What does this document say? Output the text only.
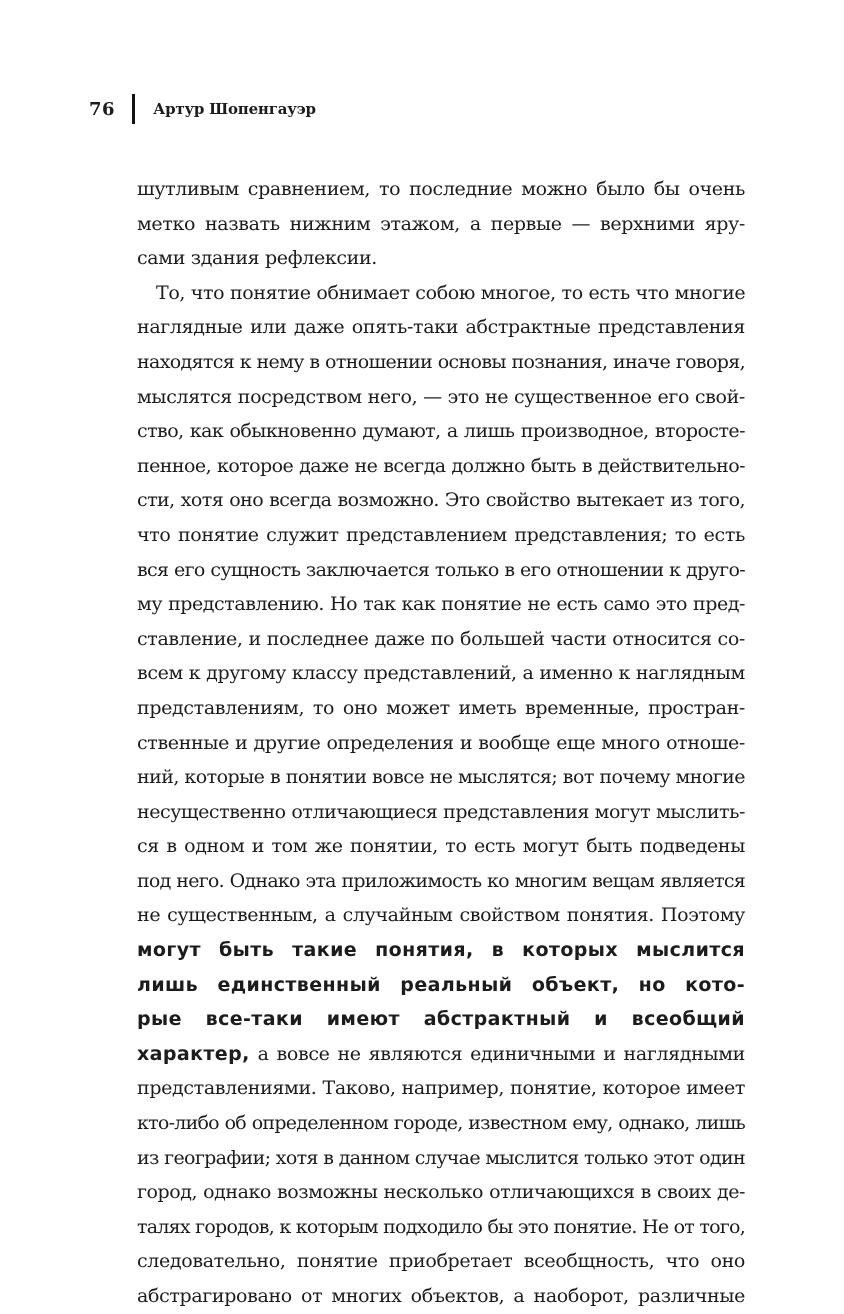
76	Артур Шопенгауэр
шутливым сравнением, то последние можно было бы очень
метко назвать нижним этажом, а первые — верхними яру-
сами здания рефлексии.
То, что понятие обнимает собою многое, то есть что многие
наглядные или даже опять-таки абстрактные представления
находятся к нему в отношении основы познания, иначе говоря,
мыслятся посредством него, — это не существенное его свой-
ство, как обыкновенно думают, а лишь производное, второсте-
пенное, которое даже не всегда должно быть в действительно-
сти, хотя оно всегда возможно. Это свойство вытекает из того,
что понятие служит представлением представления; то есть
вся его сущность заключается только в его отношении к друго-
му представлению. Но так как понятие не есть само это пред-
ставление, и последнее даже по большей части относится со-
всем к другому классу представлений, а именно к наглядным
представлениям, то оно может иметь временные, простран-
ственные и другие определения и вообще еще много отноше-
ний, которые в понятии вовсе не мыслятся; вот почему многие
несущественно отличающиеся представления могут мыслить-
ся в одном и том же понятии, то есть могут быть подведены
под него. Однако эта приложимость ко многим вещам является
не существенным, а случайным свойством понятия. Поэтому
могут быть такие понятия, в которых мыслится
лишь единственный реальный объект, но кото-
рые все-таки имеют абстрактный и всеобщий
характер, а вовсе не являются единичными и наглядными
представлениями. Таково, например, понятие, которое имеет
кто-либо об определенном городе, известном ему, однако, лишь
из географии; хотя в данном случае мыслится только этот один
город, однако возможны несколько отличающихся в своих де-
талях городов, к которым подходило бы это понятие. Не от того,
следовательно, понятие приобретает всеобщность, что оно
абстрагировано от многих объектов, а наоборот, различные
